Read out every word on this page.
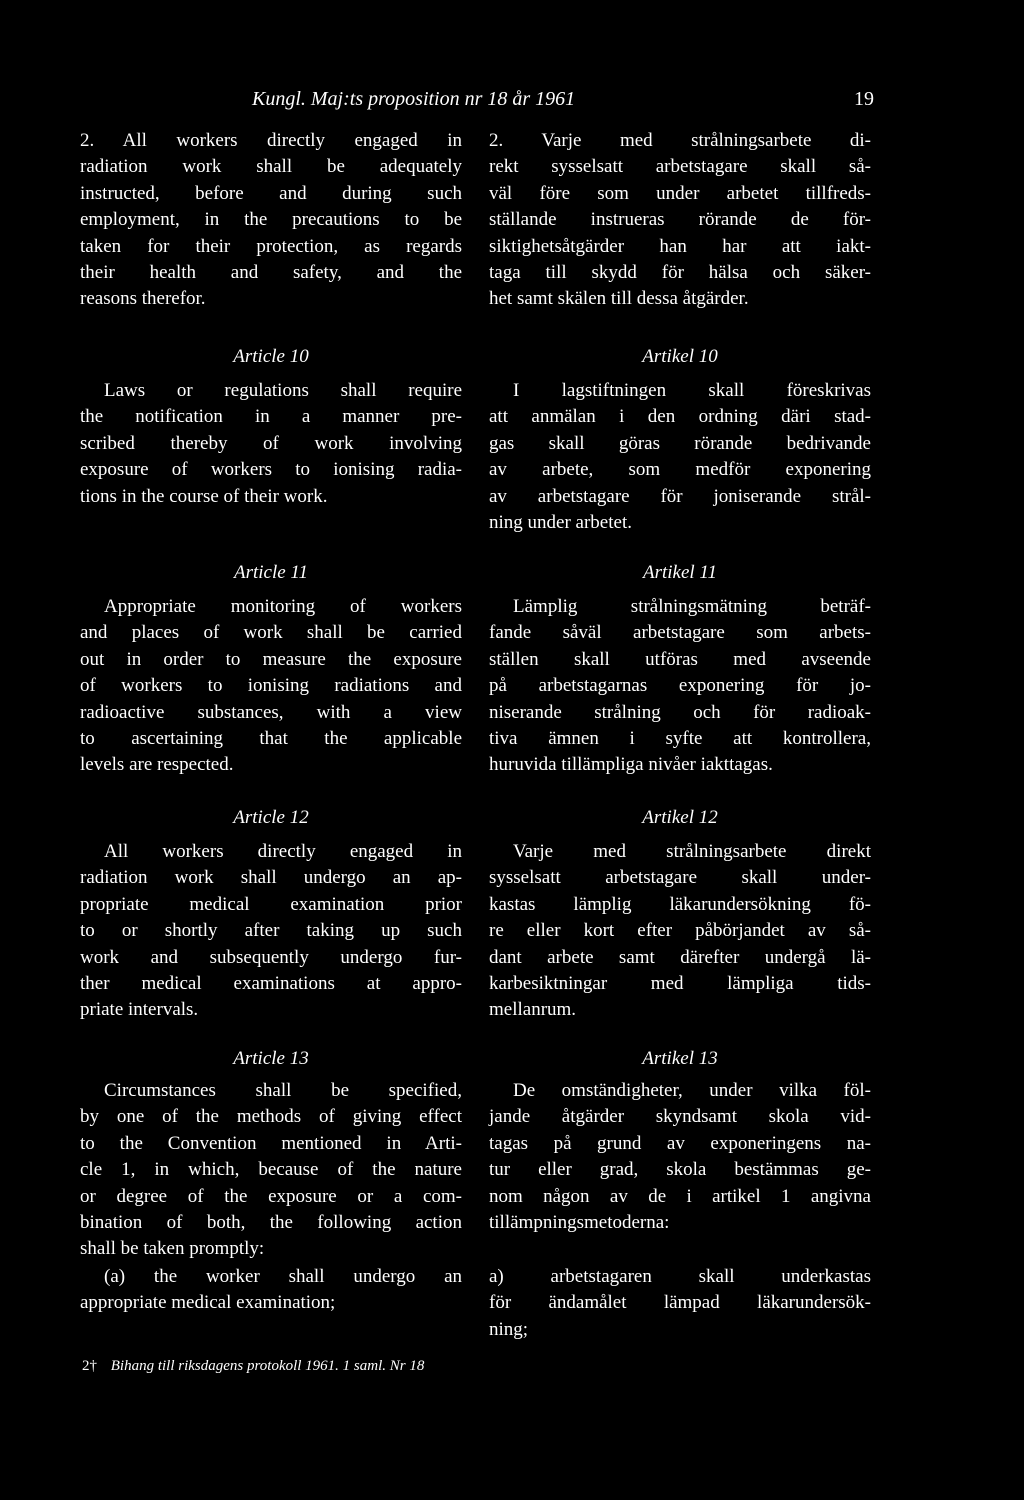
Kungl. Maj:ts proposition nr 18 år 1961	19
2. All workers directly engaged in
radiation work shall be adequately
instructed, before and during such
employment, in the precautions to be
taken for their protection, as regards
their health and safety, and the
reasons therefor.
Article 10
Laws or regulations shall require
the notification in a manner pre-
scribed thereby of work involving
exposure of workers to ionising radia-
tions in the course of their work.
Article 11
Appropriate monitoring of workers
and places of work shall be carried
out in order to measure the exposure
of workers to ionising radiations and
radioactive substances, with a view
to ascertaining that the applicable
levels are respected.
Article 12
All workers directly engaged in
radiation work shall undergo an ap-
propriate medical examination prior
to or shortly after taking up such
work and subsequently undergo fur-
ther medical examinations at appro-
priate intervals.
Article 13
Circumstances shall be specified,
by one of the methods of giving effect
to the Convention mentioned in Arti-
cle 1, in which, because of the nature
or degree of the exposure or a com-
bination of both, the following action
shall be taken promptly:
(a) the worker shall undergo an
appropriate medical examination;
2. Varje med strålningsarbete di-
rekt sysselsatt arbetstagare skall så-
väl före som under arbetet tillfreds-
ställande instrueras rörande de för-
siktighetsåtgärder han har att iakt-
taga till skydd för hälsa och säker-
het samt skälen till dessa åtgärder.
Artikel 10
I lagstiftningen skall föreskrivas
att anmälan i den ordning däri stad-
gas skall göras rörande bedrivande
av arbete, som medför exponering
av arbetstagare för joniserande strål-
ning under arbetet.
Artikel 11
Lämplig strålningsmätning beträf-
fande såväl arbetstagare som arbets-
ställen skall utföras med avseende
på arbetstagarnas exponering för jo-
niserande strålning och för radioak-
tiva ämnen i syfte att kontrollera,
huruvida tillämpliga nivåer iakttagas.
Artikel 12
Varje med strålningsarbete direkt
sysselsatt arbetstagare skall under-
kastas lämplig läkarundersökning fö-
re eller kort efter påbörjandet av så-
dant arbete samt därefter undergå lä-
karbesiktningar med lämpliga tids-
mellanrum.
Artikel 13
De omständigheter, under vilka föl-
jande åtgärder skyndsamt skola vid-
tagas på grund av exponeringens na-
tur eller grad, skola bestämmas ge-
nom någon av de i artikel 1 angivna
tillämpningsmetoderna:
a) arbetstagaren skall underkastas
för ändamålet lämpad läkarundersök-
ning;
2† Bihang till riksdagens protokoll 1961. 1 saml. Nr 18
